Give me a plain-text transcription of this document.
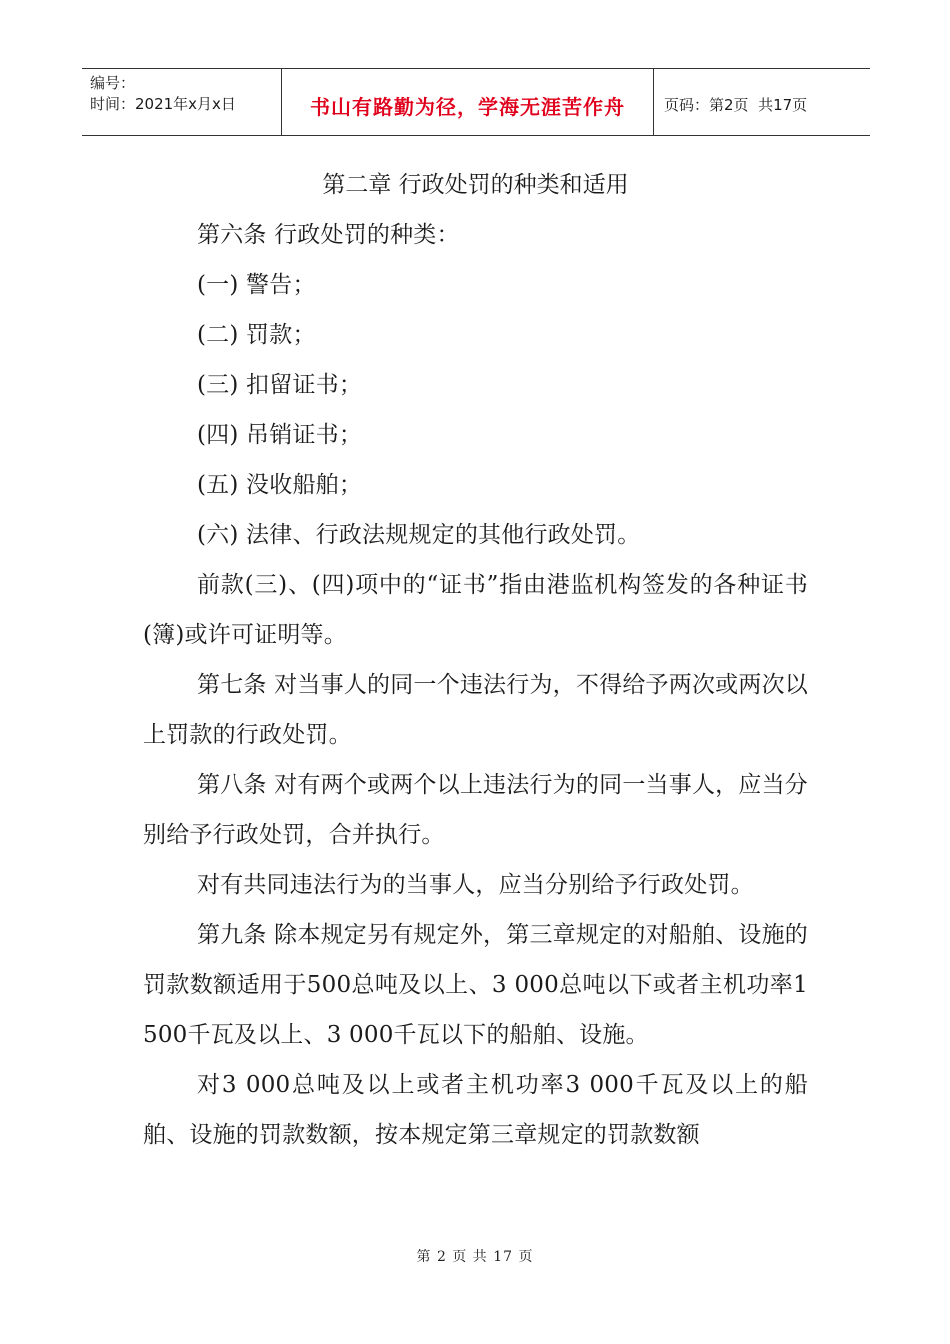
编号：
时间：2021年x月x日	书山有路勤为径，学海无涯苦作舟	页码：第2页  共17页
第二章 行政处罚的种类和适用

第六条 行政处罚的种类：

(一) 警告；

(二) 罚款；

(三) 扣留证书；

(四) 吊销证书；

(五) 没收船舶；

(六) 法律、行政法规规定的其他行政处罚。

前款(三)、(四)项中的“证书”指由港监机构签发的各种证书(簿)或许可证明等。

第七条 对当事人的同一个违法行为，不得给予两次或两次以上罚款的行政处罚。

第八条 对有两个或两个以上违法行为的同一当事人，应当分别给予行政处罚，合并执行。

对有共同违法行为的当事人，应当分别给予行政处罚。

第九条 除本规定另有规定外，第三章规定的对船舶、设施的罚款数额适用于500总吨及以上、3 000总吨以下或者主机功率1 500千瓦及以上、3 000千瓦以下的船舶、设施。

对3 000总吨及以上或者主机功率3 000千瓦及以上的船舶、设施的罚款数额，按本规定第三章规定的罚款数额

第 2 页 共 17 页
